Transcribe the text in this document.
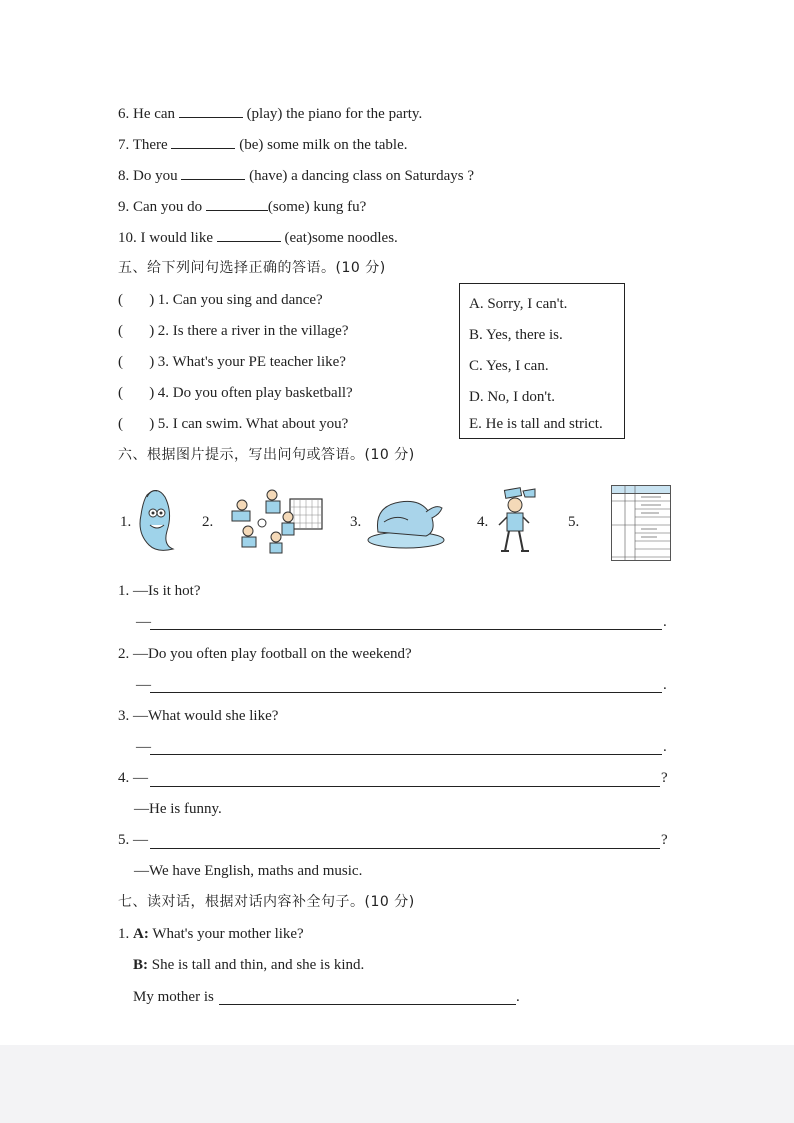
6. He can	(play) the piano for the party.
7. There	(be) some milk on the table.
8. Do you	(have) a dancing class on Saturdays ?
9. Can you do	(some) kung fu?
10. I would like	(eat)some noodles.
五、给下列问句选择正确的答语。(10 分)
(       ) 1. Can you sing and dance?
(       ) 2. Is there a river in the village?
(       ) 3. What's your PE teacher like?
(       ) 4. Do you often play basketball?
(       ) 5. I can swim. What about you?
A. Sorry, I can't.
B. Yes, there is.
C. Yes, I can.
D. No, I don't.
E. He is tall and strict.
六、根据图片提示，写出问句或答语。(10 分)
1.	2.	3.	4.	5.
1. —Is it hot?
—	.
2. —Do you often play football on the weekend?
—	.
3. —What would she like?
—	.
4. —	?
—He is funny.
5. —	?
—We have English, maths and music.
七、读对话，根据对话内容补全句子。(10 分)
1. A: What's your mother like?
B: She is tall and thin, and she is kind.
My mother is	.
